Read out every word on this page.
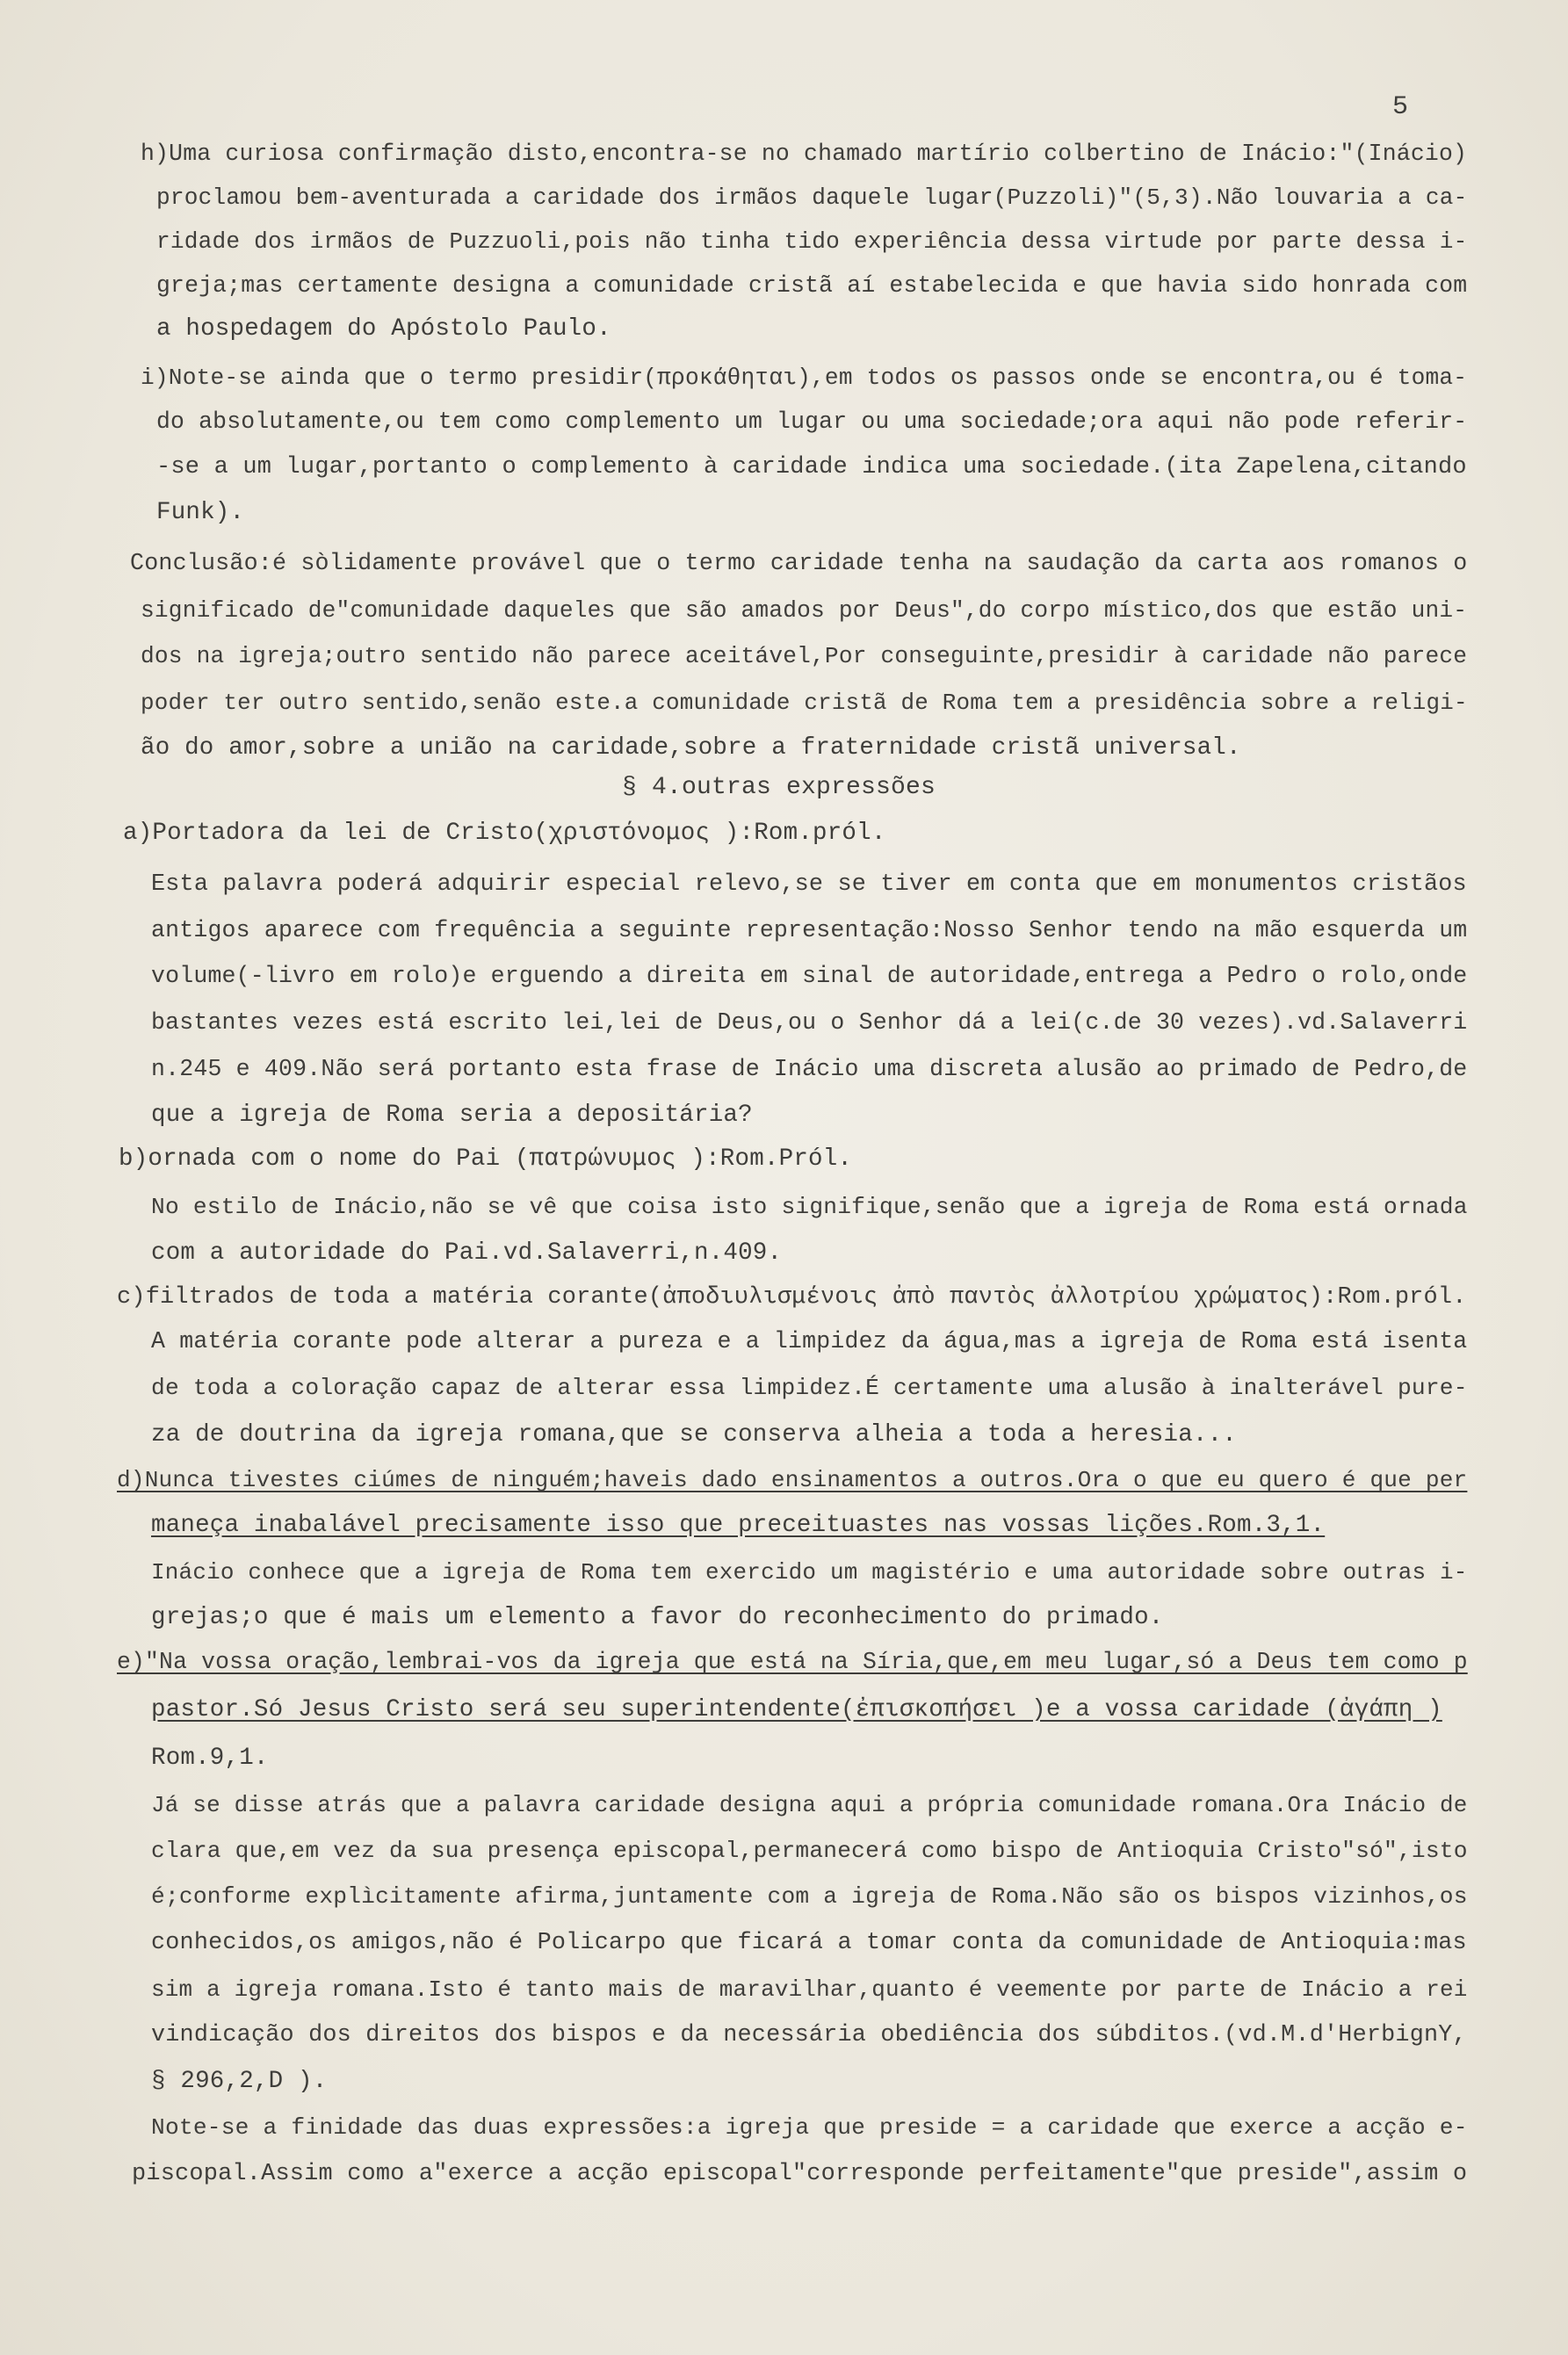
5
h)Uma curiosa confirmação disto,encontra-se no chamado martírio colbertino de Inácio:"(Inácio)
proclamou bem-aventurada a caridade dos irmãos daquele lugar(Puzzoli)"(5,3).Não louvaria a ca-
ridade dos irmãos de Puzzuoli,pois não tinha tido experiência dessa virtude por parte dessa i-
greja;mas certamente designa a comunidade cristã aí estabelecida e que havia sido honrada com
a hospedagem do Apóstolo Paulo.
i)Note-se ainda que o termo presidir(προκάθηται),em todos os passos onde se encontra,ou é toma-
do absolutamente,ou tem como complemento um lugar ou uma sociedade;ora aqui não pode referir-
-se a um lugar,portanto o complemento à caridade indica uma sociedade.(ita Zapelena,citando
Funk).
Conclusão:é sòlidamente provável que o termo caridade tenha na saudação da carta aos romanos o
significado de"comunidade daqueles que são amados por Deus",do corpo místico,dos que estão uni-
dos na igreja;outro sentido não parece aceitável,Por conseguinte,presidir à caridade não parece
poder ter outro sentido,senão este.a comunidade cristã de Roma tem a presidência sobre a religi-
ão do amor,sobre a união na caridade,sobre a fraternidade cristã universal.
§ 4.outras expressões
a)Portadora da lei de Cristo(χριστόνομος ):Rom.pról.
Esta palavra poderá adquirir especial relevo,se se tiver em conta que em monumentos cristãos
antigos aparece com frequência a seguinte representação:Nosso Senhor tendo na mão esquerda um
volume(-livro em rolo)e erguendo a direita em sinal de autoridade,entrega a Pedro o rolo,onde
bastantes vezes está escrito lei,lei de Deus,ou o Senhor dá a lei(c.de 30 vezes).vd.Salaverri
n.245 e 409.Não será portanto esta frase de Inácio uma discreta alusão ao primado de Pedro,de
que a igreja de Roma seria a depositária?
b)ornada com o nome do Pai (πατρώνυμος ):Rom.Pról.
No estilo de Inácio,não se vê que coisa isto signifique,senão que a igreja de Roma está ornada
com a autoridade do Pai.vd.Salaverri,n.409.
c)filtrados de toda a matéria corante(ἀποδιυλισμένοις ἀπὸ παντὸς ἀλλοτρίου χρώματος):Rom.pról.
A matéria corante pode alterar a pureza e a limpidez da água,mas a igreja de Roma está isenta
de toda a coloração capaz de alterar essa limpidez.É certamente uma alusão à inalterável pure-
za de doutrina da igreja romana,que se conserva alheia a toda a heresia...
d)Nunca tivestes ciúmes de ninguém;haveis dado ensinamentos a outros.Ora o que eu quero é que per
maneça inabalável precisamente isso que preceituastes nas vossas lições.Rom.3,1.
Inácio conhece que a igreja de Roma tem exercido um magistério e uma autoridade sobre outras i-
grejas;o que é mais um elemento a favor do reconhecimento do primado.
e)"Na vossa oração,lembrai-vos da igreja que está na Síria,que,em meu lugar,só a Deus tem como p
pastor.Só Jesus Cristo será seu superintendente(ἐπισκοπήσει )e a vossa caridade (ἀγάπη )
Rom.9,1.
Já se disse atrás que a palavra caridade designa aqui a própria comunidade romana.Ora Inácio de
clara que,em vez da sua presença episcopal,permanecerá como bispo de Antioquia Cristo"só",isto
é;conforme explìcitamente afirma,juntamente com a igreja de Roma.Não são os bispos vizinhos,os
conhecidos,os amigos,não é Policarpo que ficará a tomar conta da comunidade de Antioquia:mas
sim a igreja romana.Isto é tanto mais de maravilhar,quanto é veemente por parte de Inácio a rei
vindicação dos direitos dos bispos e da necessária obediência dos súbditos.(vd.M.d'HerbignY,
§ 296,2,D ).
Note-se a finidade das duas expressões:a igreja que preside = a caridade que exerce a acção e-
piscopal.Assim como a"exerce a acção episcopal"corresponde perfeitamente"que preside",assim o
